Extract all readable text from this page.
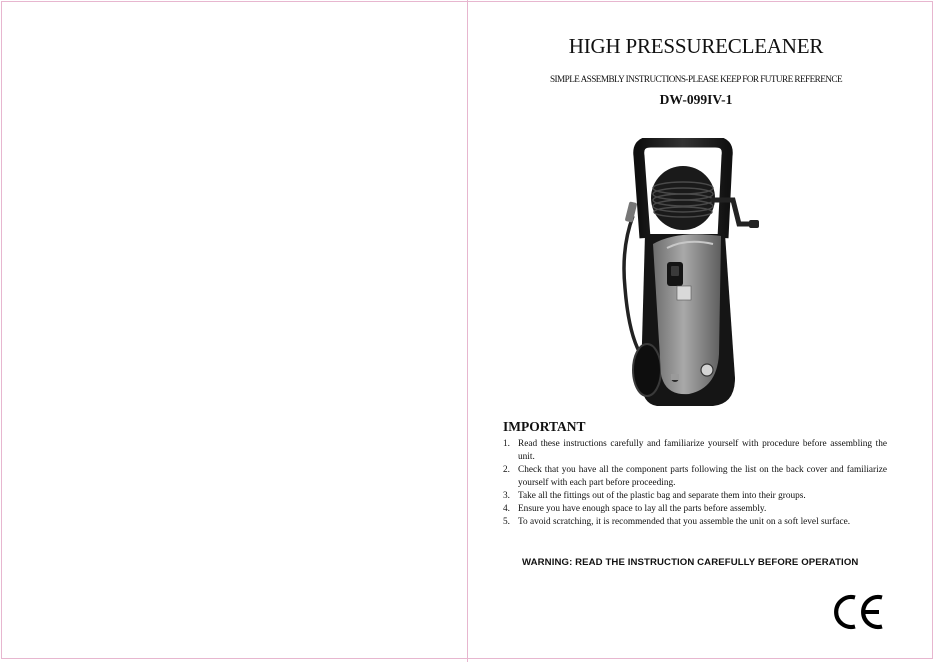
HIGH PRESSURECLEANER
SIMPLE ASSEMBLY INSTRUCTIONS-PLEASE KEEP FOR FUTURE REFERENCE
DW-099IV-1
IMPORTANT
1. Read these instructions carefully and familiarize yourself with procedure before assembling the unit.
2. Check that you have all the component parts following the list on the back cover and familiarize yourself with each part before proceeding.
3. Take all the fittings out of the plastic bag and separate them into their groups.
4. Ensure you have enough space to lay all the parts before assembly.
5. To avoid scratching, it is recommended that you assemble the unit on a soft level surface.
WARNING: READ THE INSTRUCTION CAREFULLY BEFORE OPERATION
